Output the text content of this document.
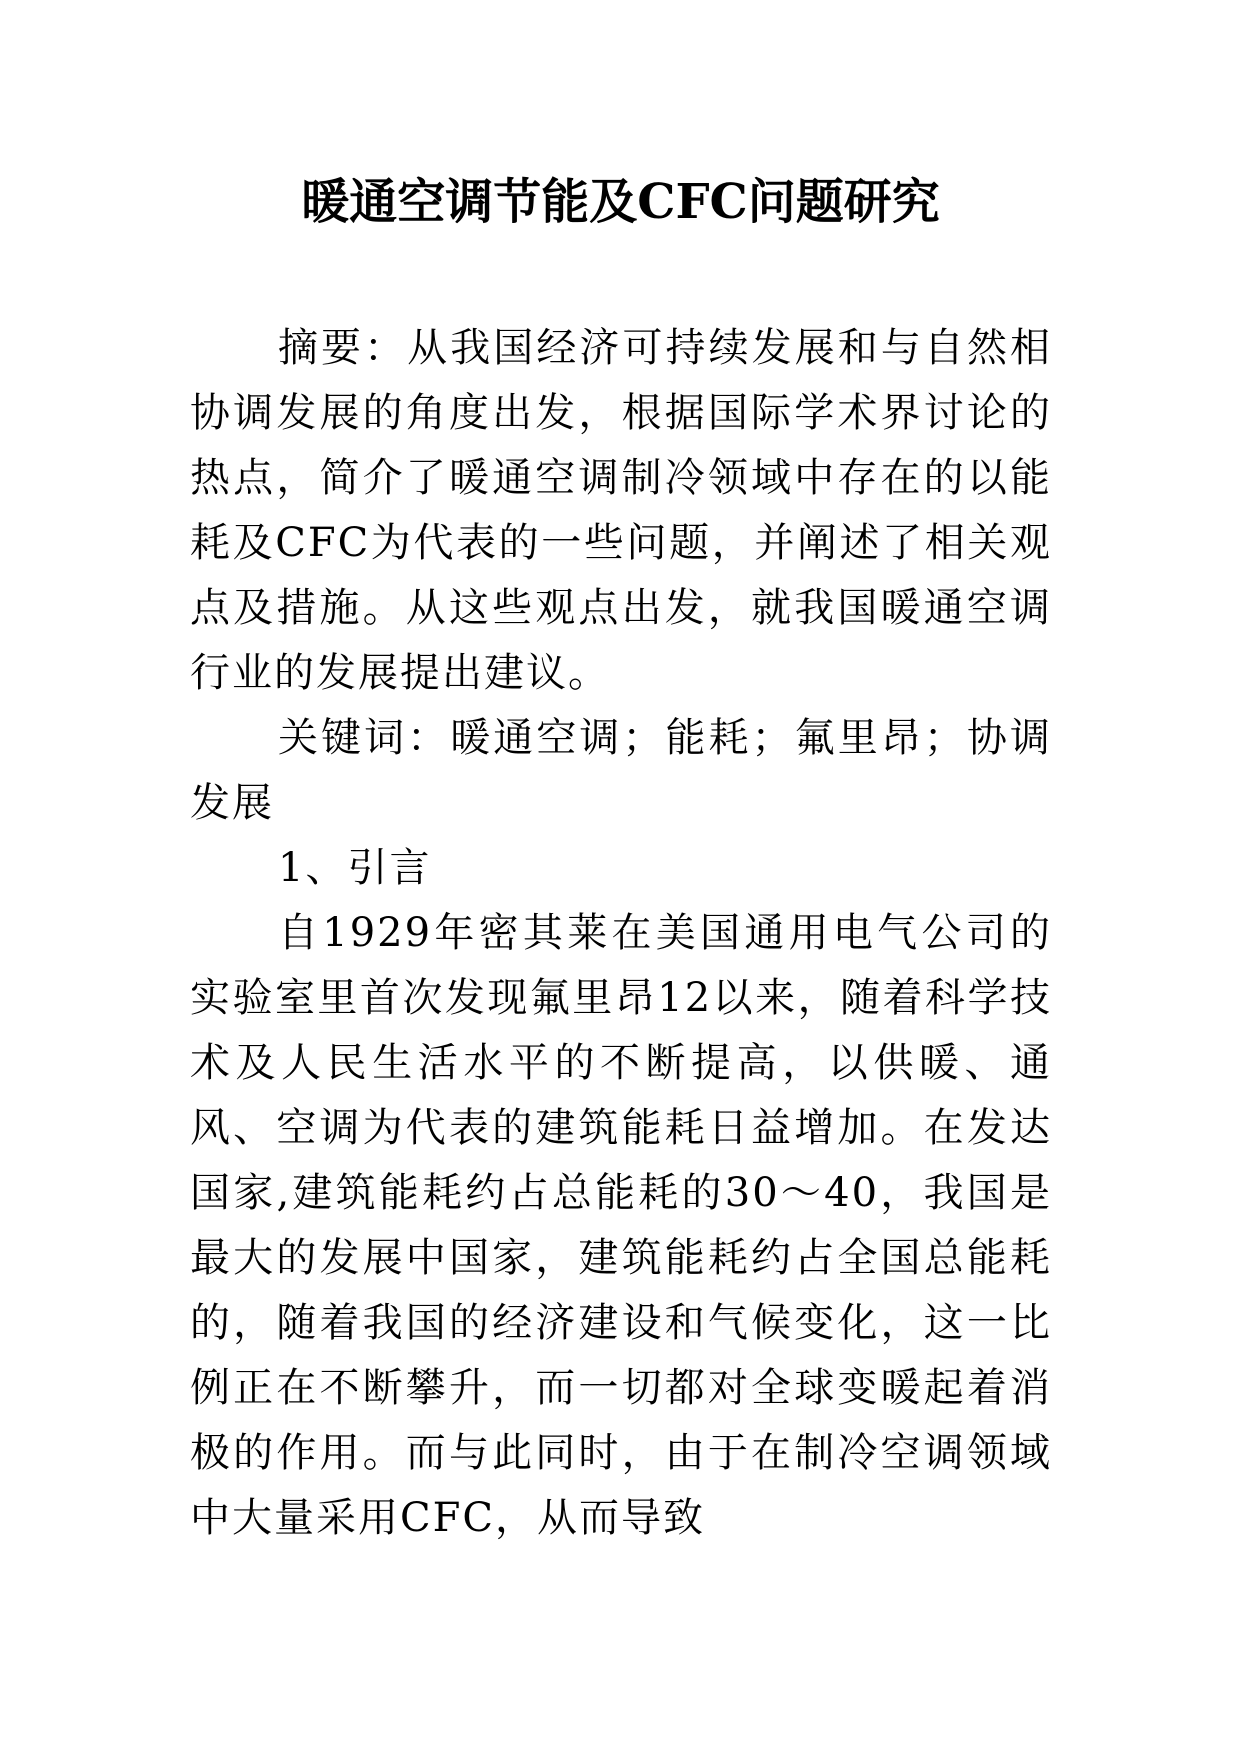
暖通空调节能及CFC问题研究

摘要：从我国经济可持续发展和与自然相协调发展的角度出发，根据国际学术界讨论的热点，简介了暖通空调制冷领域中存在的以能耗及CFC为代表的一些问题，并阐述了相关观点及措施。从这些观点出发，就我国暖通空调行业的发展提出建议。

关键词：暖通空调；能耗；氟里昂；协调发展

1、引言

自1929年密其莱在美国通用电气公司的实验室里首次发现氟里昂12以来，随着科学技术及人民生活水平的不断提高，以供暖、通风、空调为代表的建筑能耗日益增加。在发达国家,建筑能耗约占总能耗的30～40，我国是最大的发展中国家，建筑能耗约占全国总能耗的，随着我国的经济建设和气候变化，这一比例正在不断攀升，而一切都对全球变暖起着消极的作用。而与此同时，由于在制冷空调领域中大量采用CFC，从而导致
